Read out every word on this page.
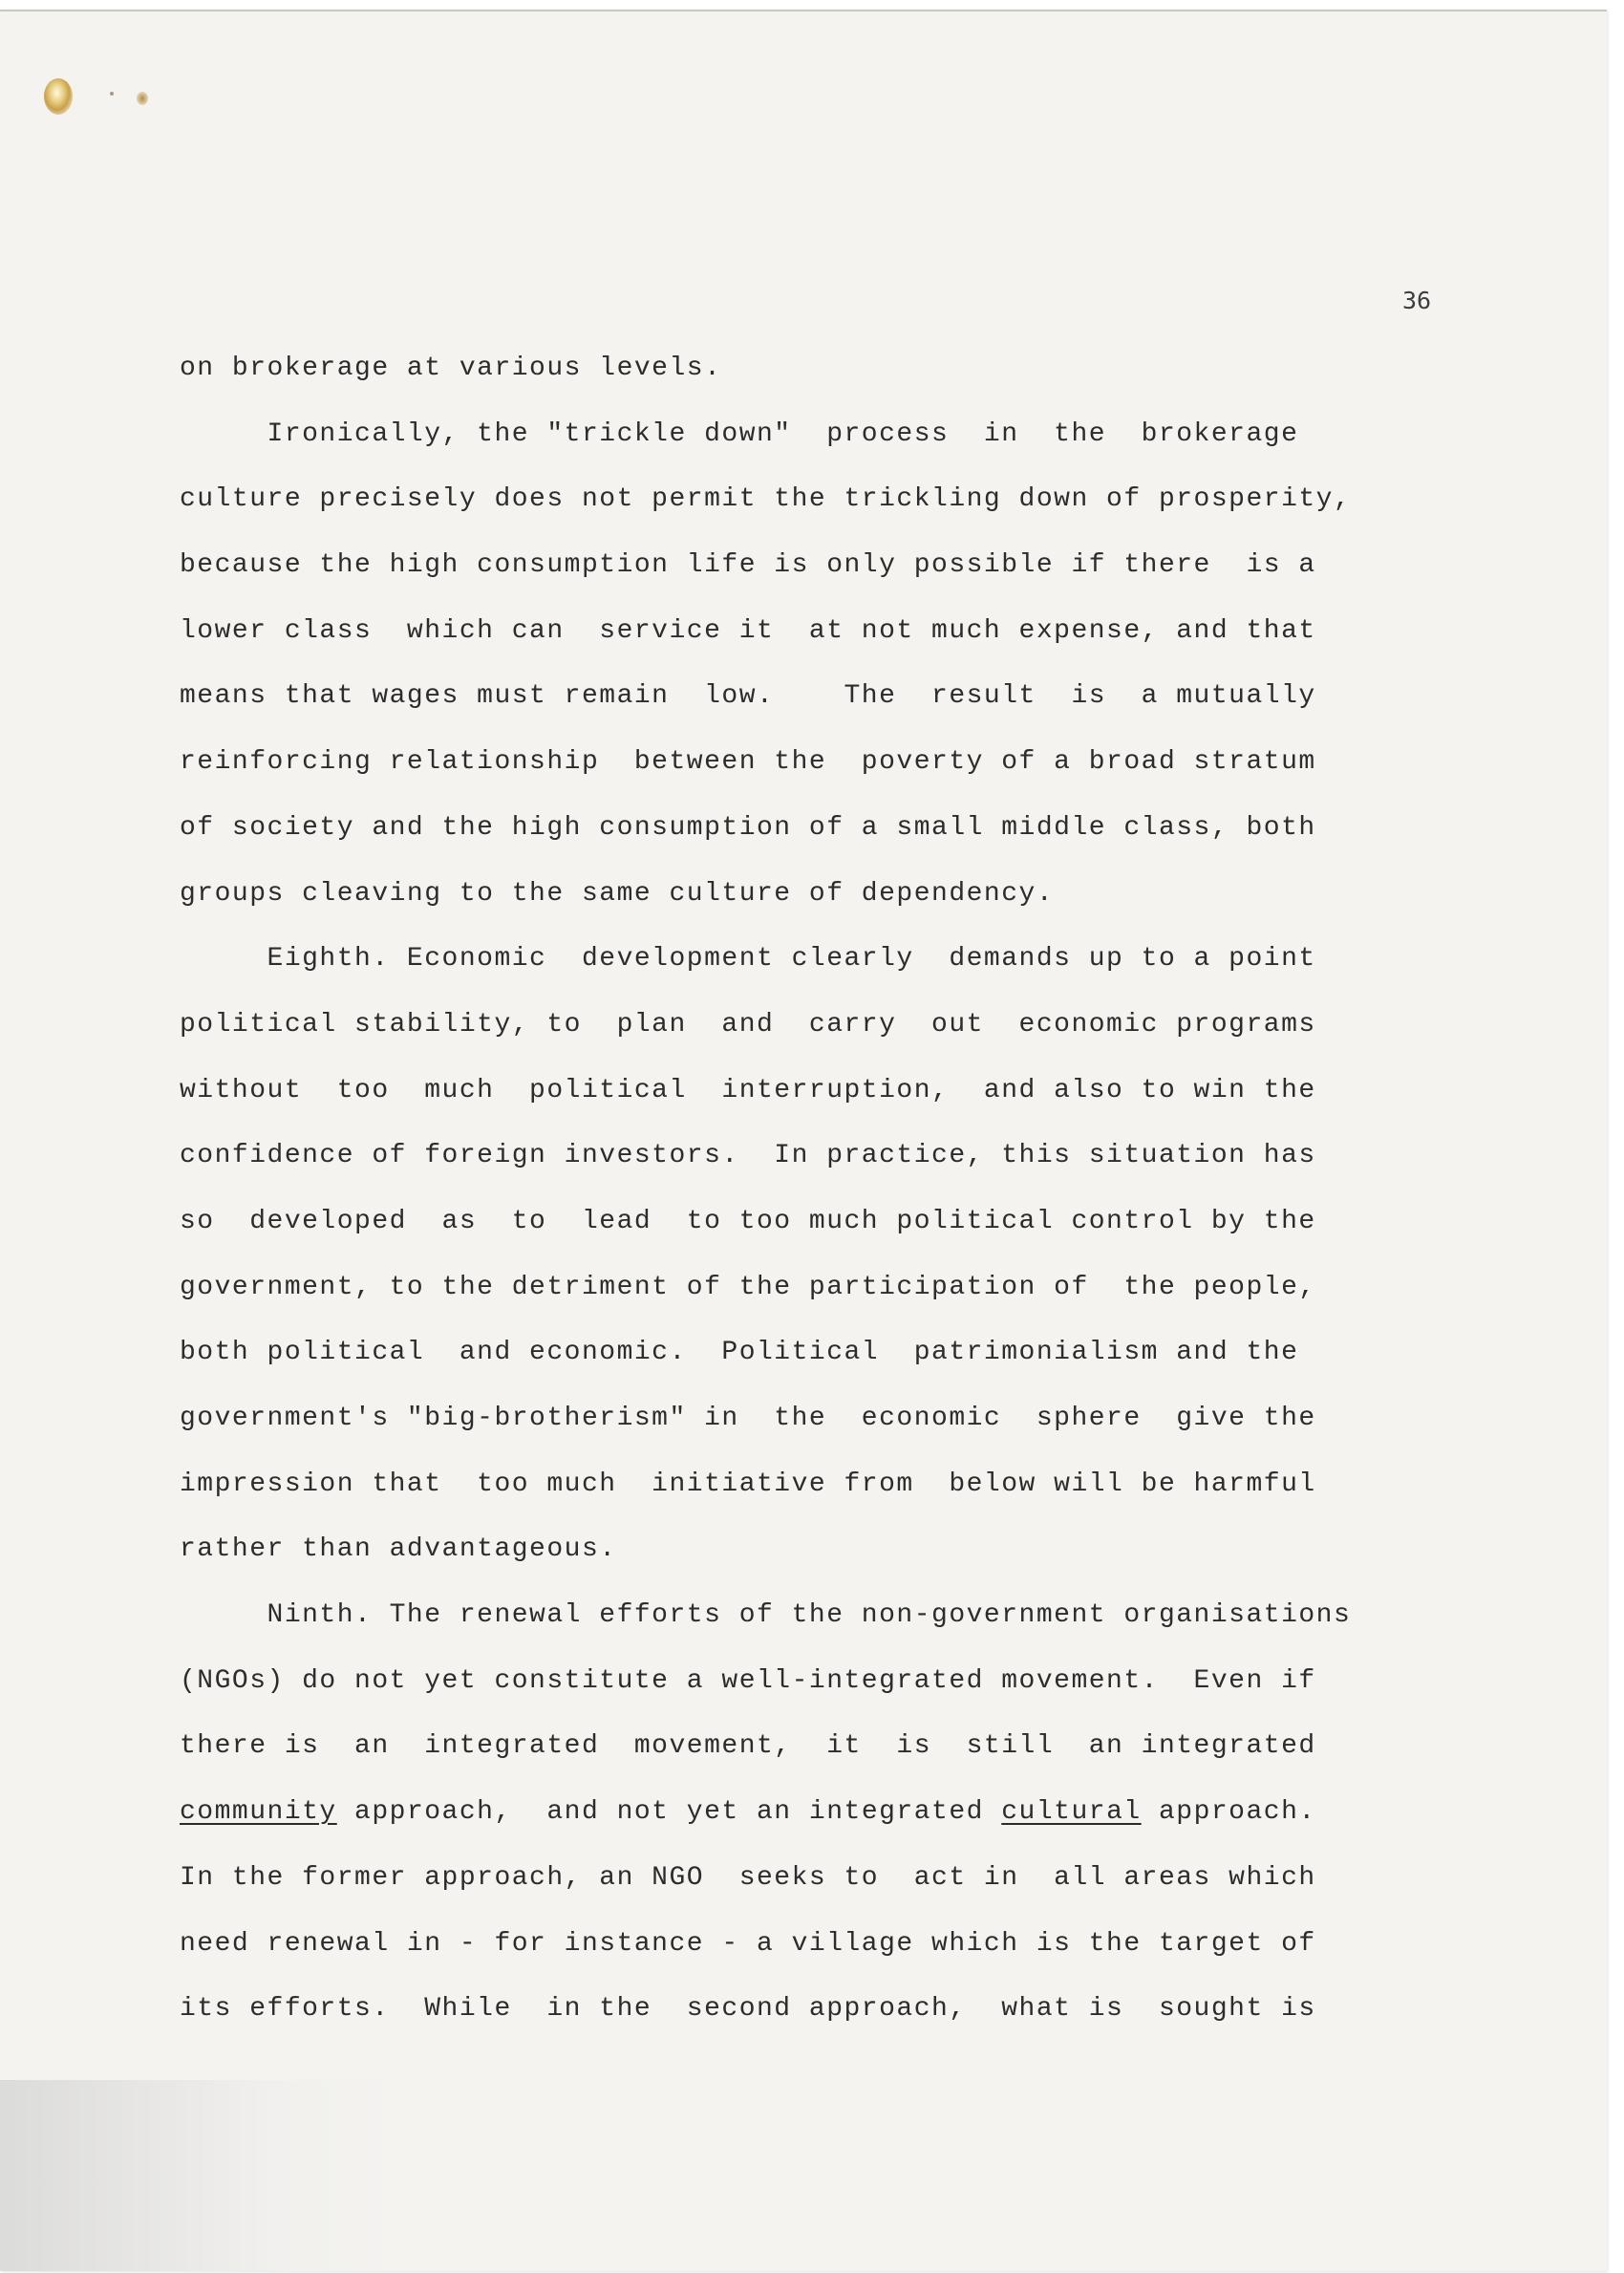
36

on brokerage at various levels.

Ironically, the "trickle down"  process  in  the  brokerage

culture precisely does not permit the trickling down of prosperity,

because the high consumption life is only possible if there  is a

lower class  which can  service it  at not much expense, and that

means that wages must remain  low.    The  result  is  a mutually

reinforcing relationship  between the  poverty of a broad stratum

of society and the high consumption of a small middle class, both

groups cleaving to the same culture of dependency.

Eighth. Economic  development clearly  demands up to a point

political stability, to  plan  and  carry  out  economic programs

without  too  much  political  interruption,  and also to win the

confidence of foreign investors.  In practice, this situation has

so  developed  as  to  lead  to too much political control by the

government, to the detriment of the participation of  the people,

both political  and economic.  Political  patrimonialism and the

government's "big-brotherism" in  the  economic  sphere  give the

impression that  too much  initiative from  below will be harmful

rather than advantageous.

Ninth. The renewal efforts of the non-government organisations

(NGOs) do not yet constitute a well-integrated movement.  Even if

there is  an  integrated  movement,  it  is  still  an integrated

community approach,  and not yet an integrated cultural approach.

In the former approach, an NGO  seeks to  act in  all areas which

need renewal in - for instance - a village which is the target of

its efforts.  While  in the  second approach,  what is  sought is
